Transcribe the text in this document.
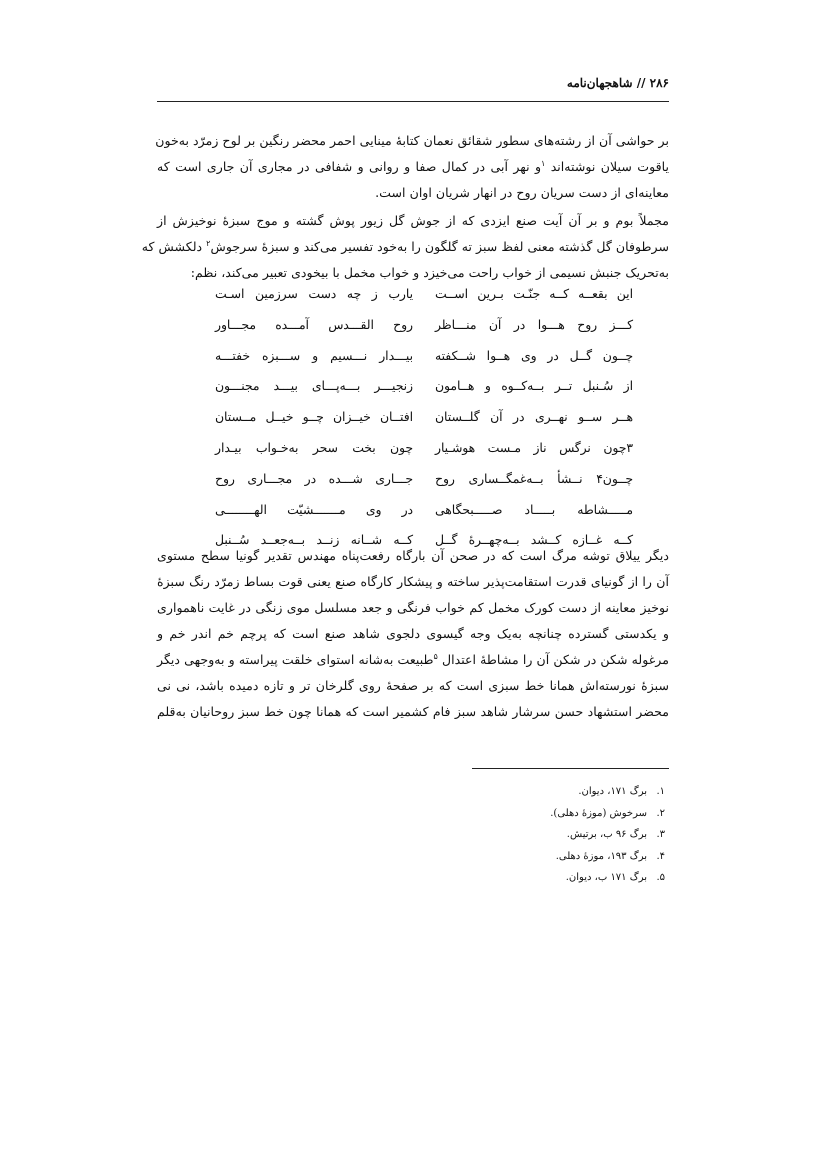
۲۸۶ // شاهجهان‌نامه
بر حواشی آن از رشته‌های سطور شقائق نعمان کتابهٔ مینایی احمر محضر رنگین بر لوح زمرّد به‌خون
یاقوت سیلان نوشته‌اند $^۱$و نهر آبی در کمال صفا و روانی و شفافی در مجاری آن جاری است که
معاینه‌ای از دست سریان روح در انهار شریان اوان است.
مجملاً بوم و بر آن آیت صنع ایزدی که از جوش گل زیور پوش گشته و موج سبزهٔ نوخیزش از
سرطوفان گل گذشته معنی لفظ سبز ته گلگون را به‌خود تفسیر می‌کند و سبزهٔ سرجوش$^۲$ دلکشش که
به‌تحریک جنبش نسیمی از خواب راحت می‌خیزد و خواب مخمل با بیخودی تعبیر می‌کند، نظم:
این بقعــه کــه جنّـت بـرین اســت
یارب ز چه دست سرزمین اسـت
کـــز روح هـــوا در آن منـــاظر
روح القـــدس آمـــده مجـــاور
چــون گــل در وی هــوا شــکفته
بیـــدار نـــسیم و ســـبزه خفتـــه
از سُـنبل تــر بــه‌کــوه و هــامون
زنجیـــر بـــه‌پـــای بیـــد مجنـــون
هــر ســو نهــری در آن گلــستان
افتــان خیــزان چــو خیــل مــستان
۳چون نرگس ناز مـست هوشـیار
چون بخت سحر به‌خـواب بیـدار
چــون۴ نــشأ بــه‌غمگــساری روح
جـــاری شـــده در مجـــاری روح
مـــــشاطه بـــــاد صـــــبحگاهی
در وی مـــــــشیّت الهــــــــی
کــه غــازه کــشد بــه‌چهــرهٔ گــل
کــه شــانه زنــد بــه‌جعــد سُــنبل
دیگر ییلاق توشه مرگ است که در صحن آن بارگاه رفعت‌پناه مهندس تقدیر گونیا سطح مستوی
آن را از گونیای قدرت استقامت‌پذیر ساخته و پیشکار کارگاه صنع یعنی قوت بساط زمرّد رنگ سبزهٔ
نوخیز معاینه از دست کورک مخمل کم خواب فرنگی و جعد مسلسل موی زنگی در غایت ناهمواری
و یکدستی گسترده چنانچه به‌یک وجه گیسوی دلجوی شاهد صنع است که پرچم خم اندر خم و
مرغوله شکن در شکن آن را مشاطهٔ اعتدال $^۵$طبیعت به‌شانه استوای خلقت پیراسته و به‌وجهی دیگر
سبزهٔ نورسته‌اش همانا خط سبزی است که بر صفحهٔ روی گلرخان تر و تازه دمیده باشد، نی نی
محضر استشهاد حسن سرشار شاهد سبز فام کشمیر است که همانا چون خط سبز روحانیان به‌قلم
۱.برگ ۱۷۱، دیوان.
۲.سرخوش (موزهٔ دهلی).
۳.برگ ۹۶ ب، برتیش.
۴.برگ ۱۹۳، موزهٔ دهلی.
۵.برگ ۱۷۱ ب، دیوان.
